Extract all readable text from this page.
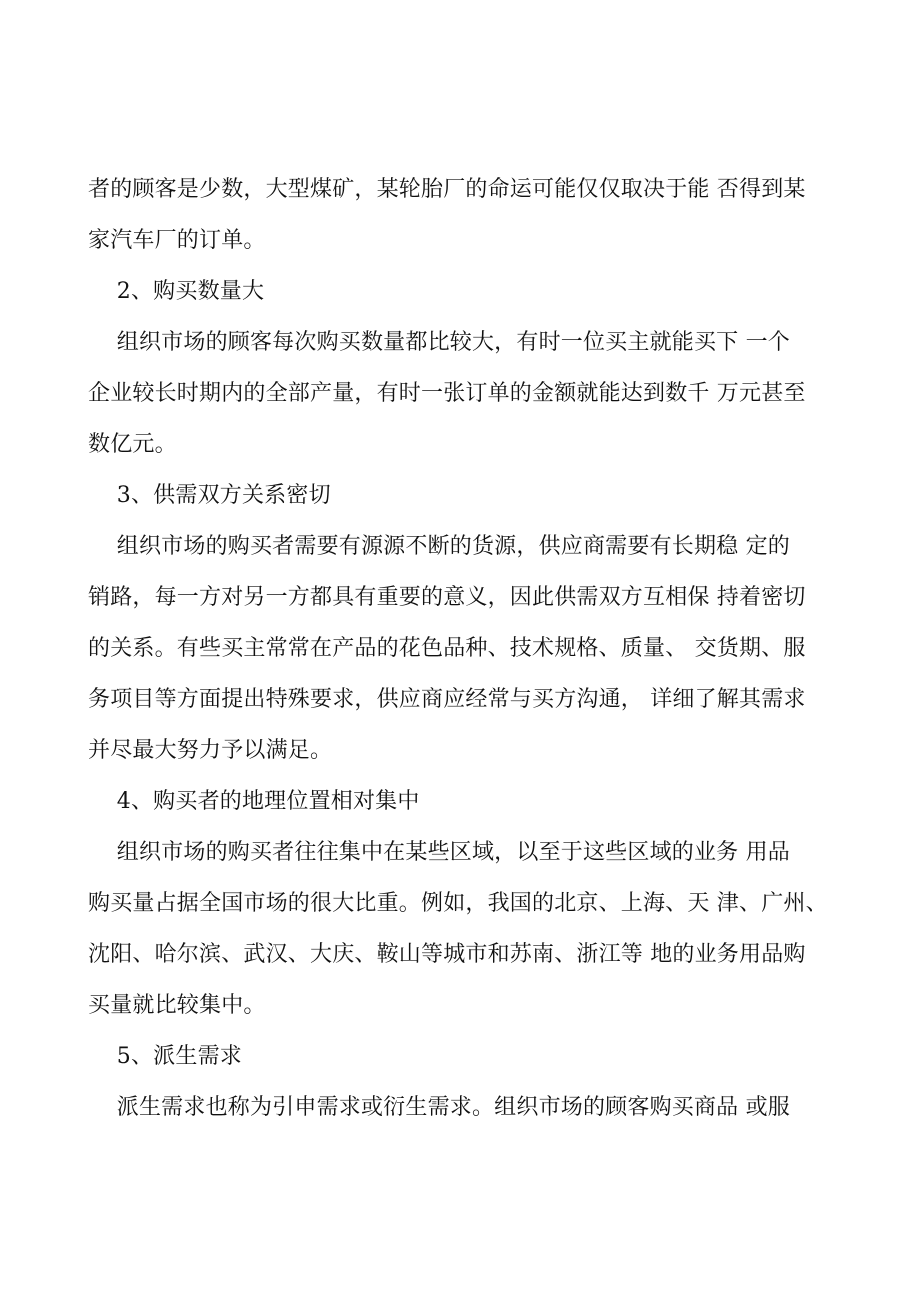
者的顾客是少数，大型煤矿，某轮胎厂的命运可能仅仅取决于能 否得到某
家汽车厂的订单。
2、购买数量大
组织市场的顾客每次购买数量都比较大，有时一位买主就能买下 一个
企业较长时期内的全部产量，有时一张订单的金额就能达到数千 万元甚至
数亿元。
3、供需双方关系密切
组织市场的购买者需要有源源不断的货源，供应商需要有长期稳 定的
销路，每一方对另一方都具有重要的意义，因此供需双方互相保 持着密切
的关系。有些买主常常在产品的花色品种、技术规格、质量、 交货期、服
务项目等方面提出特殊要求，供应商应经常与买方沟通， 详细了解其需求
并尽最大努力予以满足。
4、购买者的地理位置相对集中
组织市场的购买者往往集中在某些区域，以至于这些区域的业务 用品
购买量占据全国市场的很大比重。例如，我国的北京、上海、天 津、广州、
沈阳、哈尔滨、武汉、大庆、鞍山等城市和苏南、浙江等 地的业务用品购
买量就比较集中。
5、派生需求
派生需求也称为引申需求或衍生需求。组织市场的顾客购买商品 或服
